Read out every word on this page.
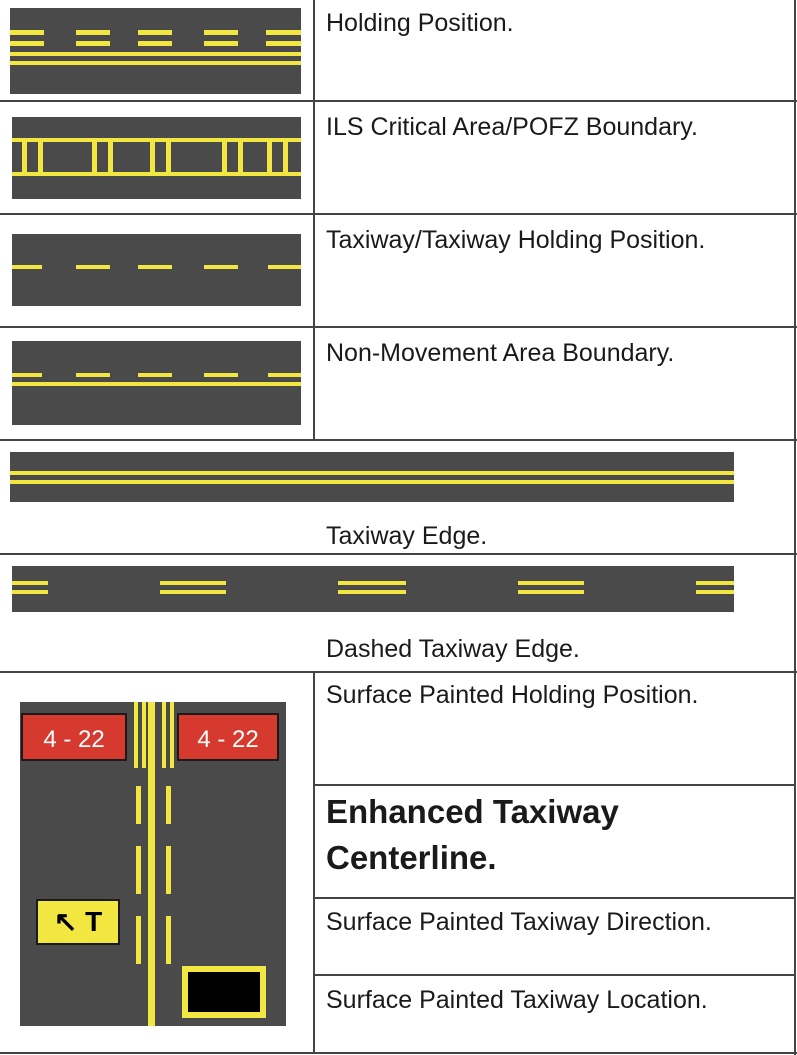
Holding Position.
ILS Critical Area/POFZ Boundary.
Taxiway/Taxiway Holding Position.
Non-Movement Area Boundary.
Taxiway Edge.
Dashed Taxiway Edge.
4 - 22	4 - 22
↖ T
Surface Painted Holding Position.
Enhanced Taxiway Centerline.
Surface Painted Taxiway Direction.
Surface Painted Taxiway Location.
